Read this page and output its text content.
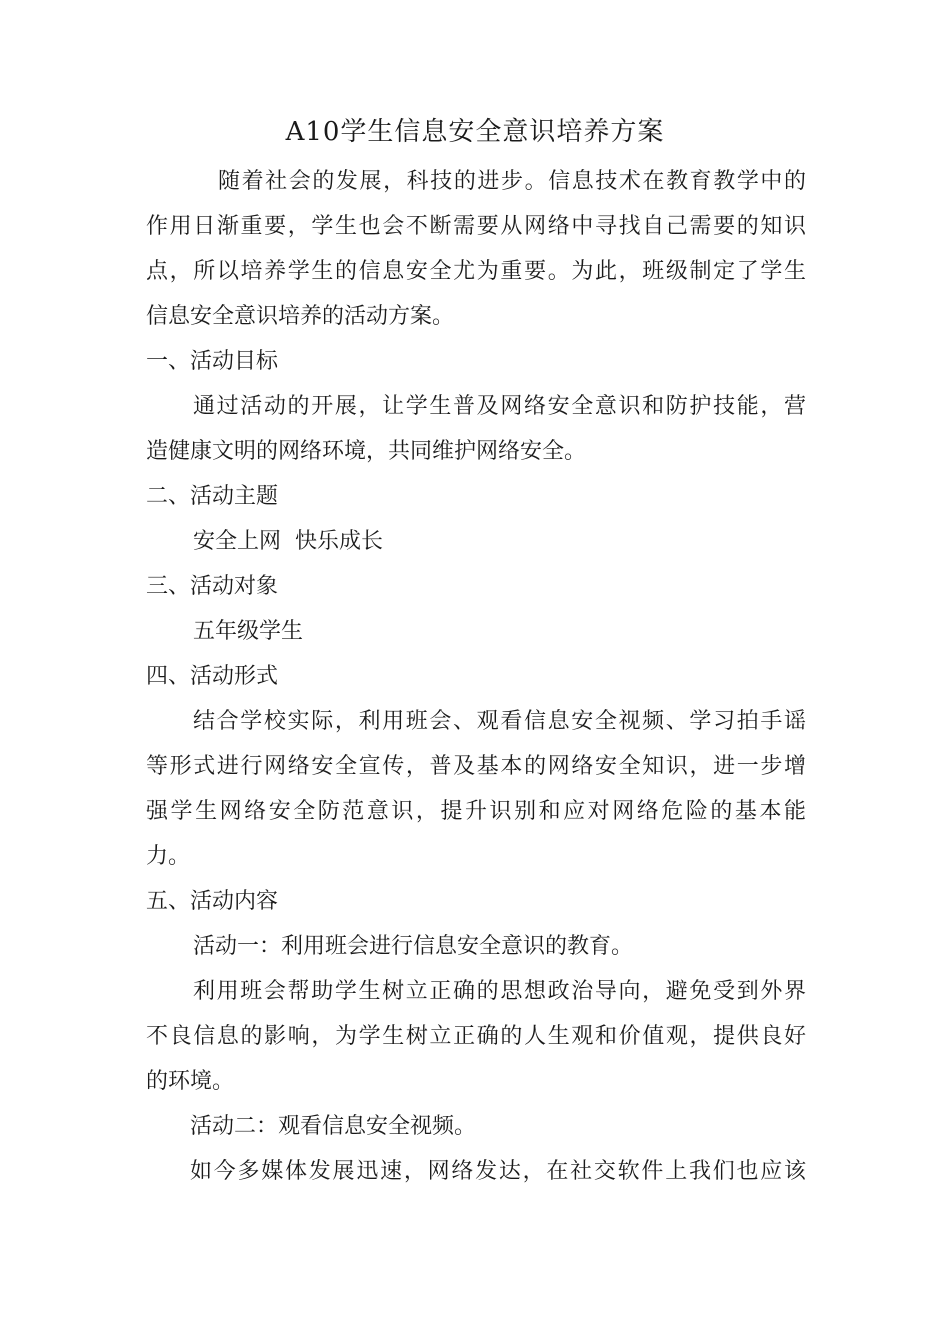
A10学生信息安全意识培养方案
随着社会的发展，科技的进步。信息技术在教育教学中的
作用日渐重要，学生也会不断需要从网络中寻找自己需要的知识
点，所以培养学生的信息安全尤为重要。为此，班级制定了学生
信息安全意识培养的活动方案。
一、活动目标
通过活动的开展，让学生普及网络安全意识和防护技能，营
造健康文明的网络环境，共同维护网络安全。
二、活动主题
安全上网  快乐成长
三、活动对象
五年级学生
四、活动形式
结合学校实际，利用班会、观看信息安全视频、学习拍手谣
等形式进行网络安全宣传，普及基本的网络安全知识，进一步增
强学生网络安全防范意识，提升识别和应对网络危险的基本能
力。
五、活动内容
活动一：利用班会进行信息安全意识的教育。
利用班会帮助学生树立正确的思想政治导向，避免受到外界
不良信息的影响，为学生树立正确的人生观和价值观，提供良好
的环境。
活动二：观看信息安全视频。
如今多媒体发展迅速，网络发达，在社交软件上我们也应该
